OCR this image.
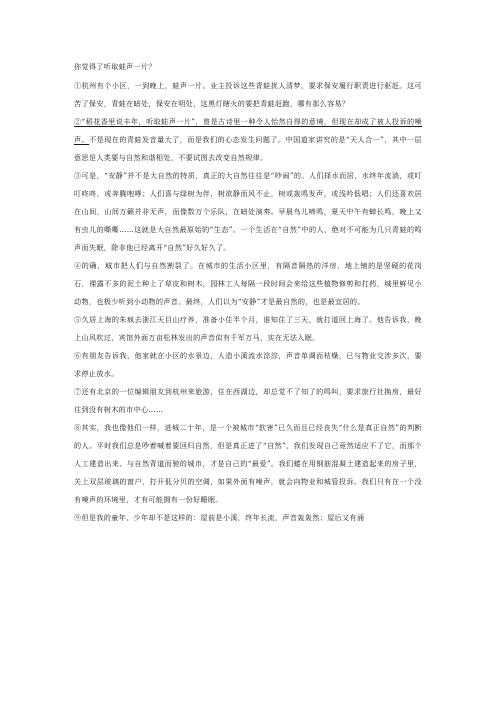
你觉得了听取蛙声一片？

①杭州有个小区，一到晚上，蛙声一片。业主投诉这些青蛙扰人清梦，要求保安履行职责进行驱赶。这可苦了保安，青蛙在暗处，保安在明处，这黑灯瞎火的要把青蛙赶跑，哪有那么容易？

②“稻花香里说丰年，听取蛙声一片”，曾是古诗里一种令人怡然自得的意境，但现在却成了被人投诉的噪声。不是现在的青蛙发音量大了，而是我们的心态发生问题了。中国道家讲究的是“天人合一”，其中一层意思是人类要与自然和谐相处，不要试图去改变自然规律。

③可是，“安静”并不是大自然的特质，真正的大自然往往是“吵闹”的。人们择水而居，水终年流淌，或叮叮咚咚，或奔腾咆哮；人们喜与绿树为伴，树欲静而风不止，树或轰鸣发声，或浅吟低唱；人们还喜欢居在山间，山间万籁并非无声，而像数万个乐队，在暗处演奏。早晨鸟儿啼鸣，夏天中午有蝉长鸣，晚上又有虫儿的嘶嘶……这就是大自然最原始的“生态”。一个生活在“自然”中的人，绝对不可能为几只青蛙的鸣声而失眠，除非他已经离开“自然”好久好久了。

④的确，城市把人们与自然割裂了。在城市的生活小区里，有隔音隔热的洋房，地上铺的是坚硬的花岗石，裸露不多的泥土种上了草皮和树木，园林工人每隔一段时间会来给这些植物修剪和打药，城里鲜见小动物，也极少听到小动物的声音。最终，人们以为“安静”才是最自然的，也是最宜居的。

⑤久居上海的朱疯去浙江天目山疗养，准备小住半个月，谁知住了三天，就打道回上海了。他告诉我，晚上山风吹过，宾馆外面万亩松林发出的声音似有千军万马，实在无法入眠。

⑥有朋友告诉我，他家就在小区的水景边，人造小溪流水淙淙，声音单调而枯燥，已与物业交涉多次，要求停止放水。

⑦还有北京的一位编辑朋友到杭州来旅游，住在西湖边，却总觉不了知了的鸣叫，要求旅行社换房，最好住到没有树木的市中心……

⑧其实，我也像他们一样，进城二十年，是一个被城市“软害”已久而且已经丧失“什么是真正自然”的判断的人。平时我们总是吵着喊着要回归自然，但是真正进了“自然”，我们发现自己竟然适应不了它，而那个人工建造出来、与自然背道而驰的城市，才是自己的“最爱”。我们蜷在用钢筋混凝土建造起来的房子里，关上双层玻璃的窗户，打开低分贝的空调，如果外面有噪声，就会向物业和城管投诉。我们只有在一个没有噪声的环境里，才有可能拥有一份好睡眠。

⑨但是我的童年、少年却不是这样的：屋前是小溪，终年长流，声音轰轰然；屋后又有涌
